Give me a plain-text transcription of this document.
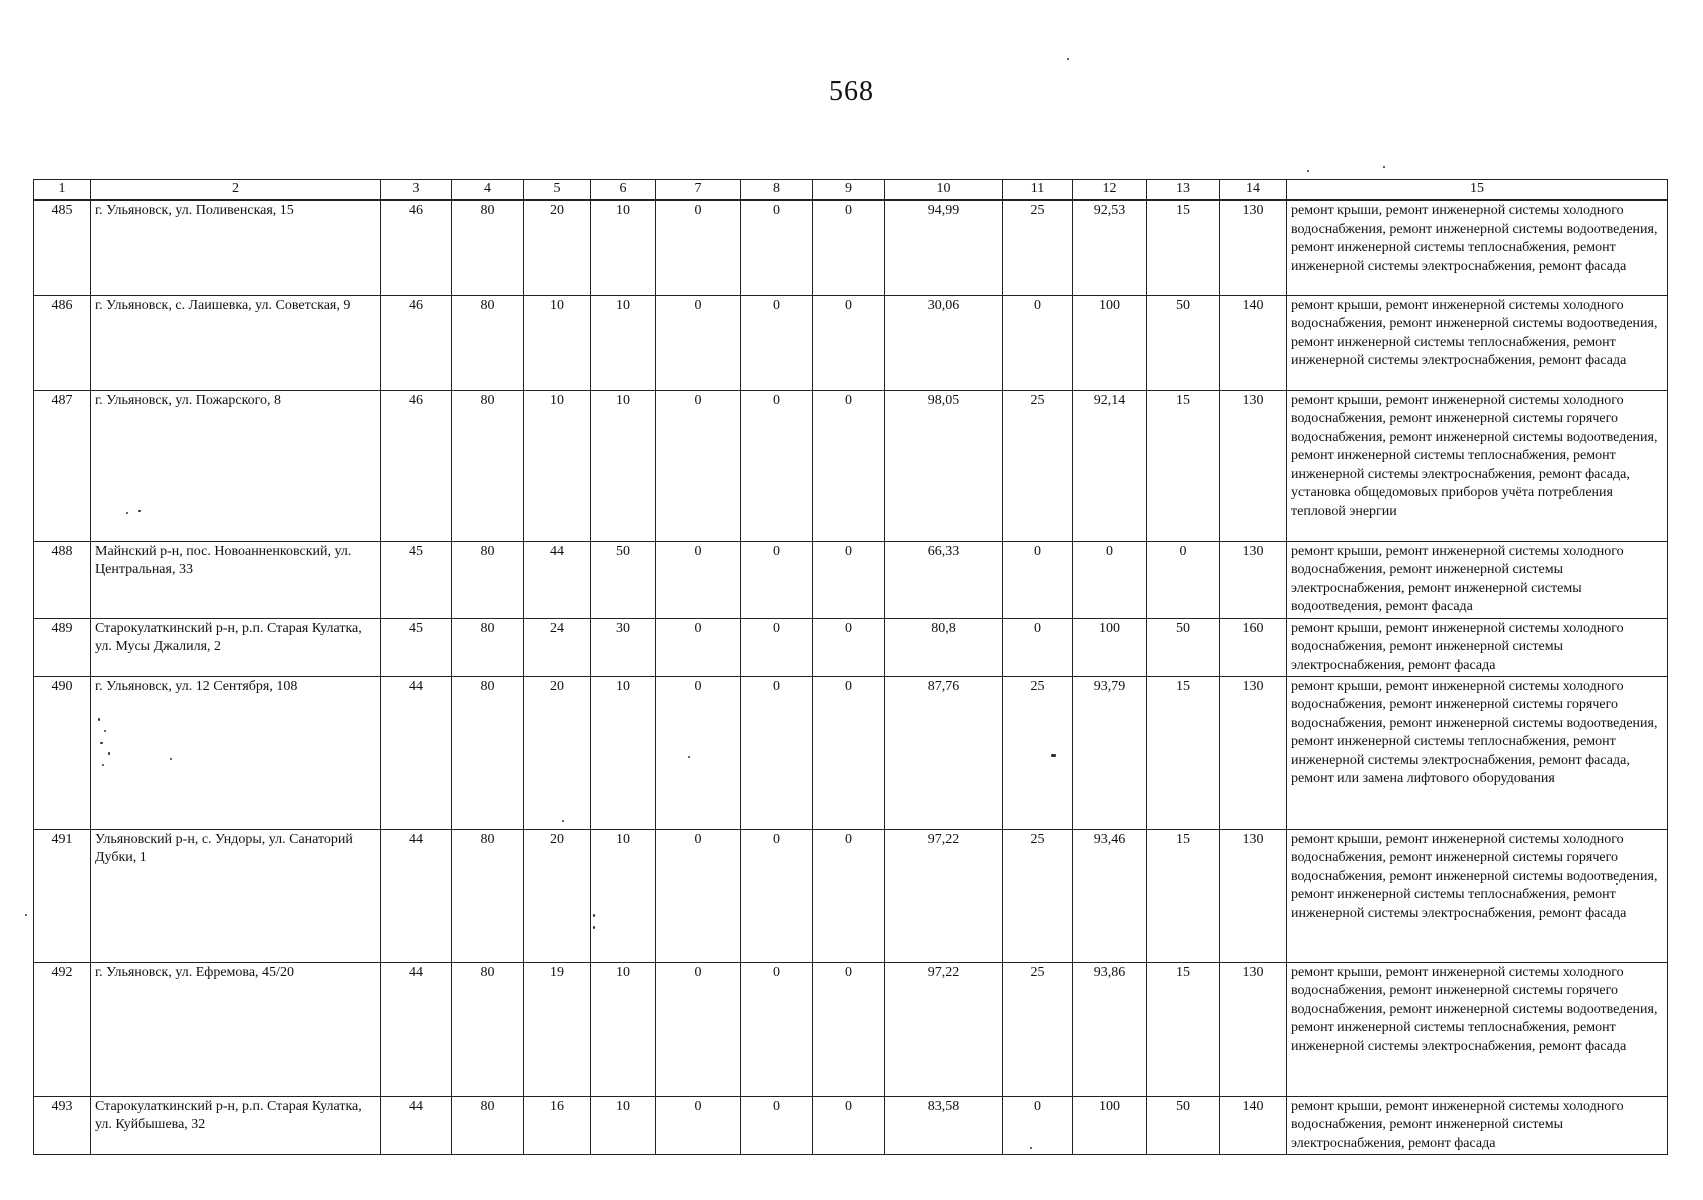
568
1	2	3	4	5	6	7	8	9	10	11	12	13	14	15
485	г. Ульяновск, ул. Поливенская, 15	46	80	20	10	0	0	0	94,99	25	92,53	15	130	ремонт крыши, ремонт инженерной системы холодного водоснабжения, ремонт инженерной системы водоотведения, ремонт инженерной системы теплоснабжения, ремонт инженерной системы электроснабжения, ремонт фасада
486	г. Ульяновск, с. Лаишевка, ул. Советская, 9	46	80	10	10	0	0	0	30,06	0	100	50	140	ремонт крыши, ремонт инженерной системы холодного водоснабжения, ремонт инженерной системы водоотведения, ремонт инженерной системы теплоснабжения, ремонт инженерной системы электроснабжения, ремонт фасада
487	г. Ульяновск, ул. Пожарского, 8	46	80	10	10	0	0	0	98,05	25	92,14	15	130	ремонт крыши, ремонт инженерной системы холодного водоснабжения, ремонт инженерной системы горячего водоснабжения, ремонт инженерной системы водоотведения, ремонт инженерной системы теплоснабжения, ремонт инженерной системы электроснабжения, ремонт фасада, установка общедомовых приборов учёта потребления тепловой энергии
488	Майнский р-н, пос. Новоанненковский, ул. Центральная, 33	45	80	44	50	0	0	0	66,33	0	0	0	130	ремонт крыши, ремонт инженерной системы холодного водоснабжения, ремонт инженерной системы электроснабжения, ремонт инженерной системы водоотведения, ремонт фасада
489	Старокулаткинский р-н, р.п. Старая Кулатка, ул. Мусы Джалиля, 2	45	80	24	30	0	0	0	80,8	0	100	50	160	ремонт крыши, ремонт инженерной системы холодного водоснабжения, ремонт инженерной системы электроснабжения, ремонт фасада
490	г. Ульяновск, ул. 12 Сентября, 108	44	80	20	10	0	0	0	87,76	25	93,79	15	130	ремонт крыши, ремонт инженерной системы холодного водоснабжения, ремонт инженерной системы горячего водоснабжения, ремонт инженерной системы водоотведения, ремонт инженерной системы теплоснабжения, ремонт инженерной системы электроснабжения, ремонт фасада, ремонт или замена лифтового оборудования
491	Ульяновский р-н, с. Ундоры, ул. Санаторий Дубки, 1	44	80	20	10	0	0	0	97,22	25	93,46	15	130	ремонт крыши, ремонт инженерной системы холодного водоснабжения, ремонт инженерной системы горячего водоснабжения, ремонт инженерной системы водоотведения, ремонт инженерной системы теплоснабжения, ремонт инженерной системы электроснабжения, ремонт фасада
492	г. Ульяновск, ул. Ефремова, 45/20	44	80	19	10	0	0	0	97,22	25	93,86	15	130	ремонт крыши, ремонт инженерной системы холодного водоснабжения, ремонт инженерной системы горячего водоснабжения, ремонт инженерной системы водоотведения, ремонт инженерной системы теплоснабжения, ремонт инженерной системы электроснабжения, ремонт фасада
493	Старокулаткинский р-н, р.п. Старая Кулатка, ул. Куйбышева, 32	44	80	16	10	0	0	0	83,58	0	100	50	140	ремонт крыши, ремонт инженерной системы холодного водоснабжения, ремонт инженерной системы электроснабжения, ремонт фасада
